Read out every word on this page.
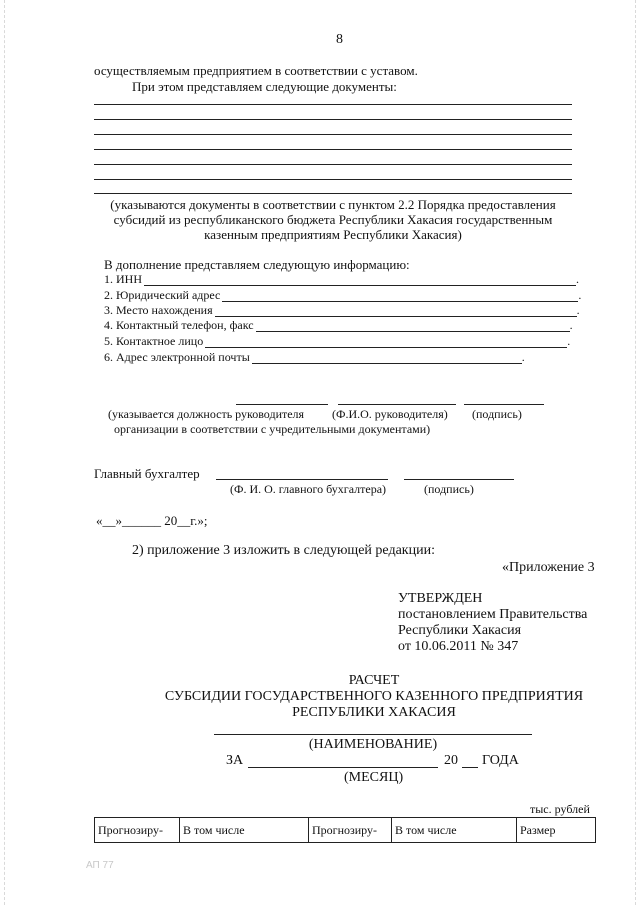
8
осуществляемым предприятием в соответствии с уставом.
При этом представляем следующие документы:
(указываются документы в соответствии с пунктом 2.2 Порядка предоставления
субсидий из республиканского бюджета Республики Хакасия государственным
казенным предприятиям Республики Хакасия)
В дополнение представляем следующую информацию:
1. ИНН	.
2. Юридический адрес	.
3. Место нахождения	.
4. Контактный телефон, факс	.
5. Контактное лицо	.
6. Адрес электронной почты	.
(указывается должность руководителя (Ф.И.О. руководителя) (подпись)
организации в соответствии с учредительными документами)
Главный бухгалтер
(Ф. И. О. главного бухгалтера)	(подпись)
«__»______ 20__г.»;
2) приложение 3 изложить в следующей редакции:
«Приложение 3
УТВЕРЖДЕН
постановлением Правительства
Республики Хакасия
от 10.06.2011 № 347
РАСЧЕТ
СУБСИДИИ ГОСУДАРСТВЕННОГО КАЗЕННОГО ПРЕДПРИЯТИЯ
РЕСПУБЛИКИ ХАКАСИЯ
(НАИМЕНОВАНИЕ)
ЗА	20 ГОДА
(МЕСЯЦ)
тыс. рублей
Прогнозиру-	В том числе	Прогнозиру-	В том числе	Размер
АП 77
